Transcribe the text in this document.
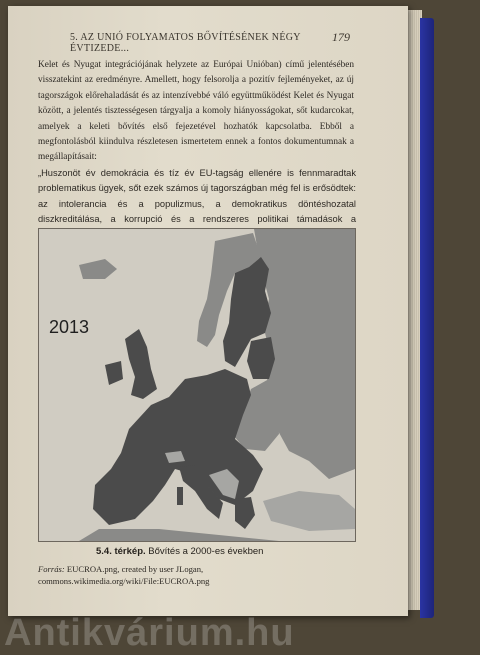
5. AZ UNIÓ FOLYAMATOS BŐVÍTÉSÉNEK NÉGY ÉVTIZEDE...
179

Kelet és Nyugat integrációjának helyzete az Európai Unióban) című jelentésében visszatekint az eredményre. Amellett, hogy felsorolja a pozitív fejleményeket, az új tagországok előrehaladását és az intenzívebbé váló együttműködést Kelet és Nyugat között, a jelentés tisztességesen tárgyalja a komoly hiányosságokat, sőt kudarcokat, amelyek a keleti bővítés első fejezetével hozhatók kapcsolatba. Ebből a megfontolásból kiindulva részletesen ismertetem ennek a fontos dokumentumnak a megállapításait:

„Huszonöt év demokrácia és tíz év EU-tagság ellenére is fennmaradtak problematikus ügyek, sőt ezek számos új tagországban még fel is erősödtek: az intolerancia és a populizmus, a demokratikus döntéshozatal diszkreditálása, a korrupció és a rendszeres politikai támadások a
2013
5.4. térkép. Bővítés a 2000-es években
Forrás: EUCROA.png, created by user JLogan, commons.wikimedia.org/wiki/File:EUCROA.png
Antikvárium.hu
